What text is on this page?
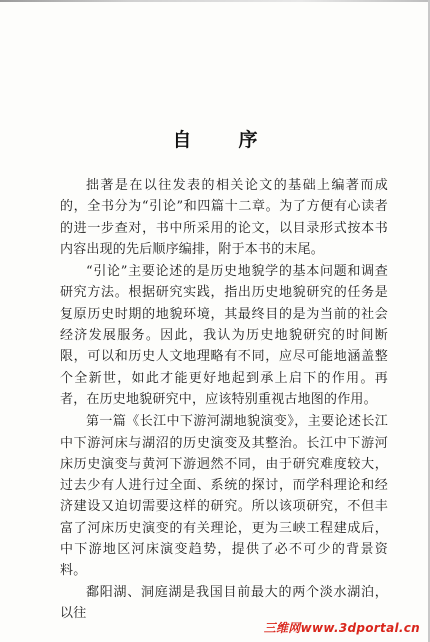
自　序

拙著是在以往发表的相关论文的基础上编著而成的，全书分为“引论”和四篇十二章。为了方便有心读者的进一步查对，书中所采用的论文，以目录形式按本书内容出现的先后顺序编排，附于本书的末尾。

“引论”主要论述的是历史地貌学的基本问题和调查研究方法。根据研究实践，指出历史地貌研究的任务是复原历史时期的地貌环境，其最终目的是为当前的社会经济发展服务。因此，我认为历史地貌研究的时间断限，可以和历史人文地理略有不同，应尽可能地涵盖整个全新世，如此才能更好地起到承上启下的作用。再者，在历史地貌研究中，应该特别重视古地图的作用。

第一篇《长江中下游河湖地貌演变》，主要论述长江中下游河床与湖沼的历史演变及其整治。长江中下游河床历史演变与黄河下游迥然不同，由于研究难度较大，过去少有人进行过全面、系统的探讨，而学科理论和经济建设又迫切需要这样的研究。所以该项研究，不但丰富了河床历史演变的有关理论，更为三峡工程建成后，中下游地区河床演变趋势，提供了必不可少的背景资料。

鄱阳湖、洞庭湖是我国目前最大的两个淡水湖泊，以往

三维网www.3dportal.cn
